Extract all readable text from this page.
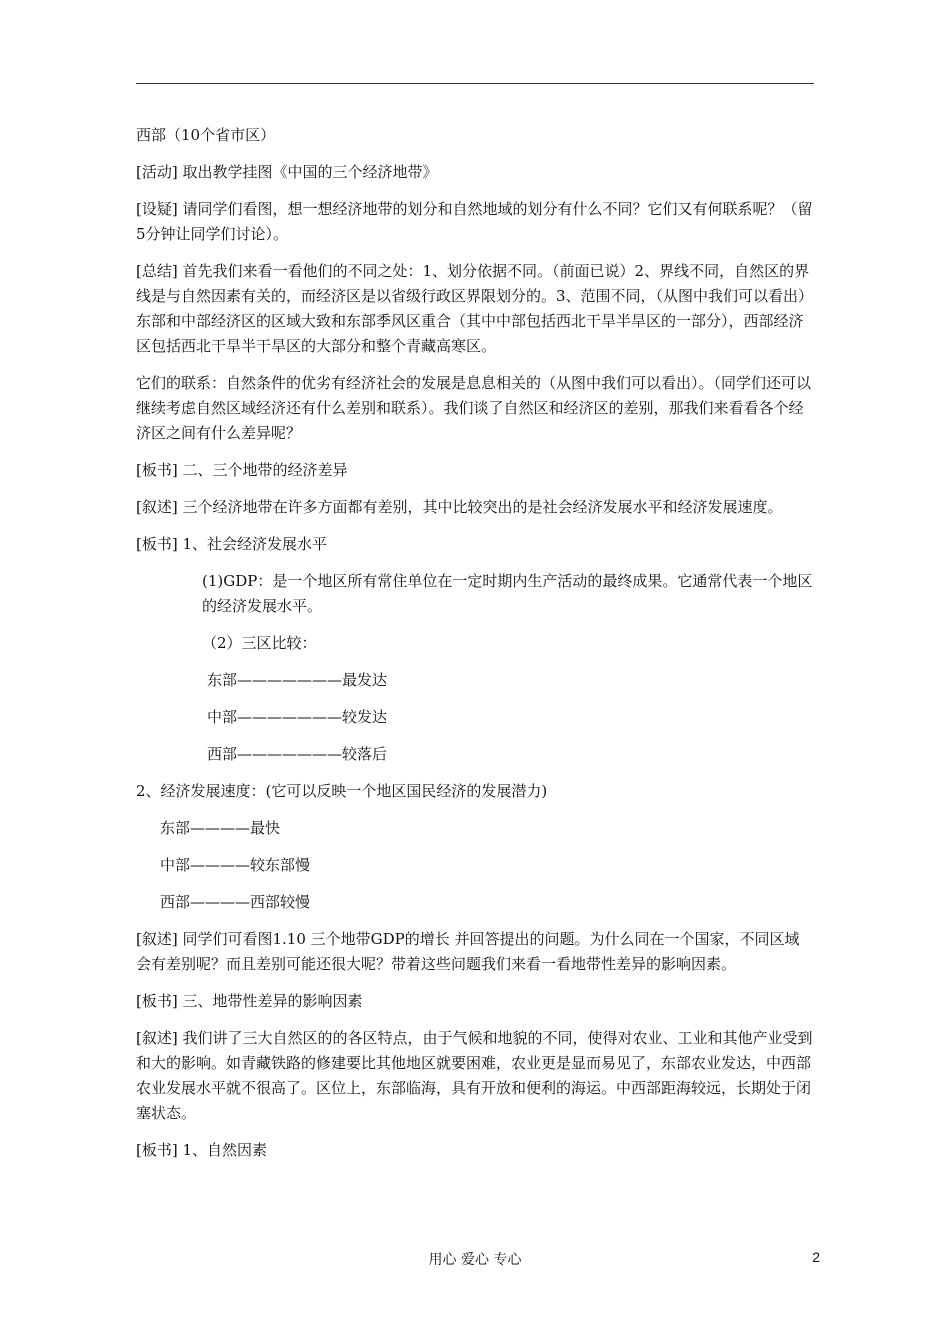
西部（10个省市区）

[活动] 取出教学挂图《中国的三个经济地带》

[设疑] 请同学们看图，想一想经济地带的划分和自然地域的划分有什么不同？它们又有何联系呢？（留5分钟让同学们讨论）。

[总结] 首先我们来看一看他们的不同之处：1、划分依据不同。（前面已说）2、界线不同，自然区的界线是与自然因素有关的，而经济区是以省级行政区界限划分的。3、范围不同，（从图中我们可以看出）东部和中部经济区的区域大致和东部季风区重合（其中中部包括西北干旱半旱区的一部分），西部经济区包括西北干旱半干旱区的大部分和整个青藏高寒区。

它们的联系：自然条件的优劣有经济社会的发展是息息相关的（从图中我们可以看出）。（同学们还可以继续考虑自然区域经济还有什么差别和联系）。我们谈了自然区和经济区的差别，那我们来看看各个经济区之间有什么差异呢？

[板书] 二、三个地带的经济差异

[叙述] 三个经济地带在许多方面都有差别，其中比较突出的是社会经济发展水平和经济发展速度。

[板书] 1、社会经济发展水平

(1)GDP：是一个地区所有常住单位在一定时期内生产活动的最终成果。它通常代表一个地区的经济发展水平。

（2）三区比较：

东部———————最发达

中部———————较发达

西部———————较落后

2、经济发展速度：(它可以反映一个地区国民经济的发展潜力)

东部————最快

中部————较东部慢

西部————西部较慢

[叙述] 同学们可看图1.10 三个地带GDP的增长 并回答提出的问题。为什么同在一个国家，不同区域会有差别呢？而且差别可能还很大呢？带着这些问题我们来看一看地带性差异的影响因素。

[板书] 三、地带性差异的影响因素

[叙述] 我们讲了三大自然区的的各区特点，由于气候和地貌的不同，使得对农业、工业和其他产业受到和大的影响。如青藏铁路的修建要比其他地区就要困难，农业更是显而易见了，东部农业发达，中西部农业发展水平就不很高了。区位上，东部临海，具有开放和便利的海运。中西部距海较远，长期处于闭塞状态。

[板书] 1、自然因素

用心 爱心 专心	2
